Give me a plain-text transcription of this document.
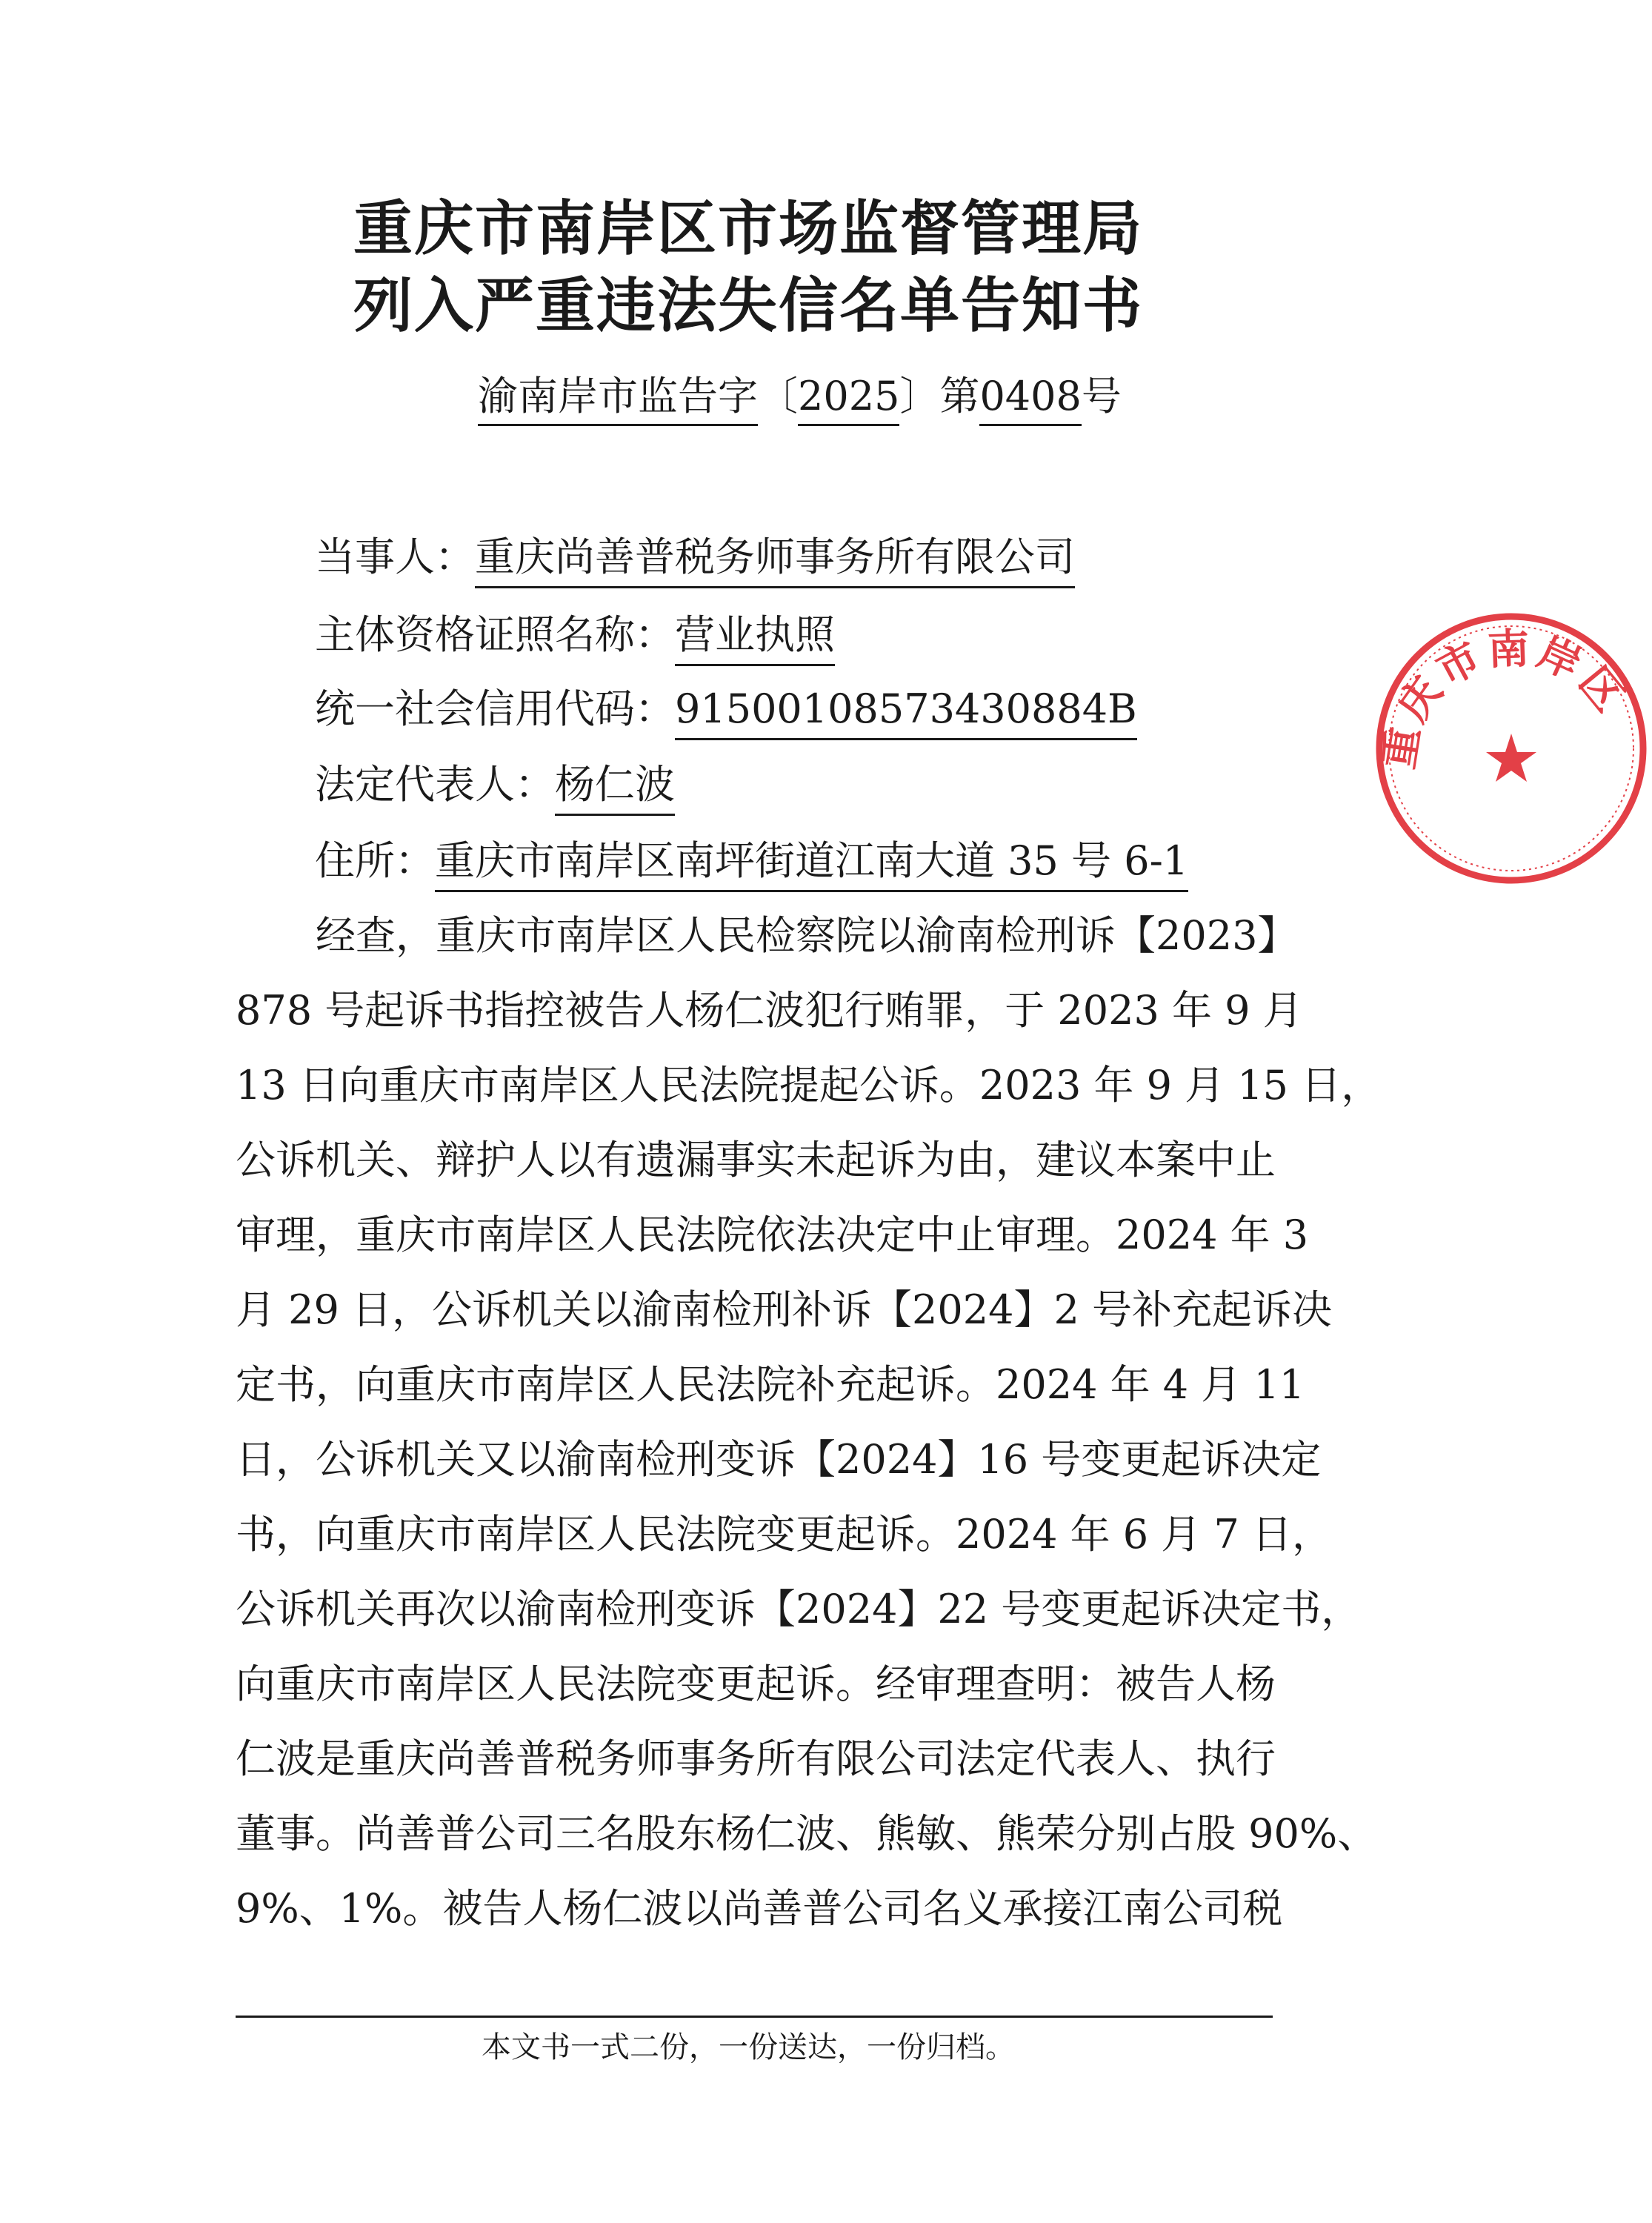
重庆市南岸区市场监督管理局
列入严重违法失信名单告知书
渝南岸市监告字〔2025〕第0408号
当事人：重庆尚善普税务师事务所有限公司
主体资格证照名称：营业执照
统一社会信用代码：91500108573430884B
法定代表人：杨仁波
住所：重庆市南岸区南坪街道江南大道 35 号 6-1
经查，重庆市南岸区人民检察院以渝南检刑诉【2023】
878 号起诉书指控被告人杨仁波犯行贿罪，于 2023 年 9 月
13 日向重庆市南岸区人民法院提起公诉。2023 年 9 月 15 日，
公诉机关、辩护人以有遗漏事实未起诉为由，建议本案中止
审理，重庆市南岸区人民法院依法决定中止审理。2024 年 3
月 29 日，公诉机关以渝南检刑补诉【2024】2 号补充起诉决
定书，向重庆市南岸区人民法院补充起诉。2024 年 4 月 11
日，公诉机关又以渝南检刑变诉【2024】16 号变更起诉决定
书，向重庆市南岸区人民法院变更起诉。2024 年 6 月 7 日，
公诉机关再次以渝南检刑变诉【2024】22 号变更起诉决定书，
向重庆市南岸区人民法院变更起诉。经审理查明：被告人杨
仁波是重庆尚善普税务师事务所有限公司法定代表人、执行
董事。尚善普公司三名股东杨仁波、熊敏、熊荣分别占股 90%、
9%、1%。被告人杨仁波以尚善普公司名义承接江南公司税
本文书一式二份，一份送达，一份归档。
重庆市南岸区
